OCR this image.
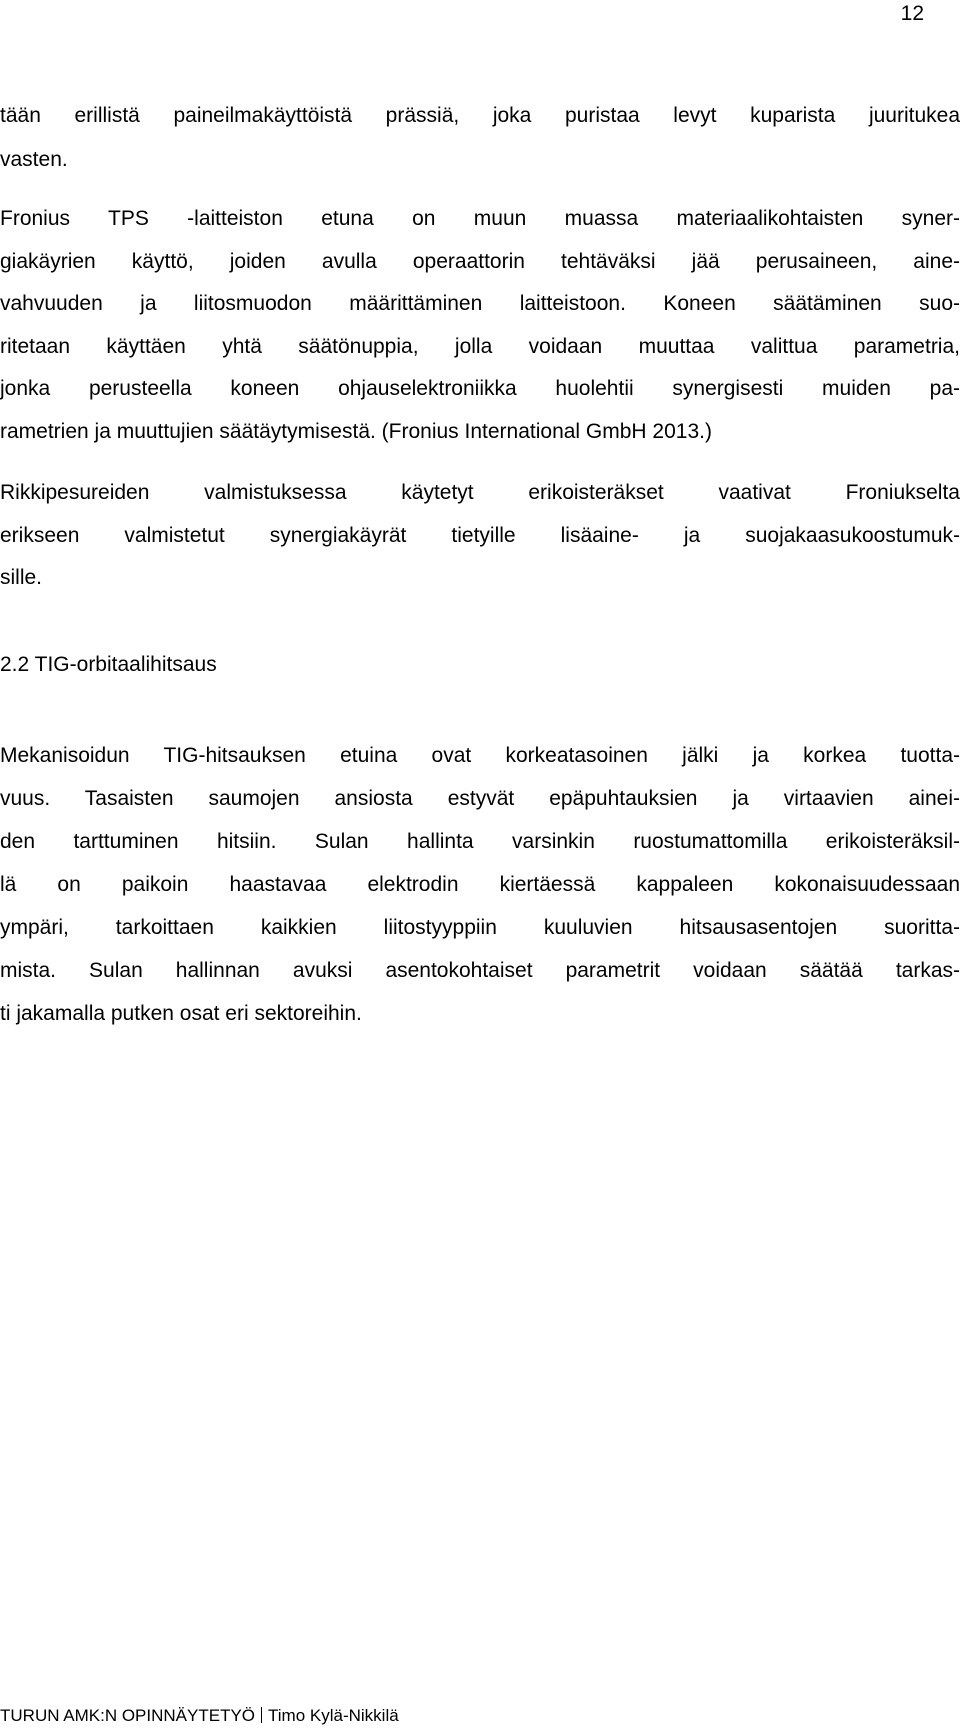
12
tään erillistä paineilmakäyttöistä prässiä, joka puristaa levyt kuparista juuritukea
vasten.
Fronius TPS -laitteiston etuna on muun muassa materiaalikohtaisten syner-
giakäyrien käyttö, joiden avulla operaattorin tehtäväksi jää perusaineen, aine-
vahvuuden ja liitosmuodon määrittäminen laitteistoon. Koneen säätäminen suo-
ritetaan käyttäen yhtä säätönuppia, jolla voidaan muuttaa valittua parametria,
jonka perusteella koneen ohjauselektroniikka huolehtii synergisesti muiden pa-
rametrien ja muuttujien säätäytymisestä. (Fronius International GmbH 2013.)
Rikkipesureiden valmistuksessa käytetyt erikoisteräkset vaativat Froniukselta
erikseen valmistetut synergiakäyrät tietyille lisäaine- ja suojakaasukoostumuk-
sille.
2.2 TIG-orbitaalihitsaus
Mekanisoidun TIG-hitsauksen etuina ovat korkeatasoinen jälki ja korkea tuotta-
vuus. Tasaisten saumojen ansiosta estyvät epäpuhtauksien ja virtaavien ainei-
den tarttuminen hitsiin. Sulan hallinta varsinkin ruostumattomilla erikoisteräksil-
lä on paikoin haastavaa elektrodin kiertäessä kappaleen kokonaisuudessaan
ympäri, tarkoittaen kaikkien liitostyyppiin kuuluvien hitsausasentojen suoritta-
mista. Sulan hallinnan avuksi asentokohtaiset parametrit voidaan säätää tarkas-
ti jakamalla putken osat eri sektoreihin.
TURUN AMK:N OPINNÄYTETYÖ Timo Kylä-Nikkilä
